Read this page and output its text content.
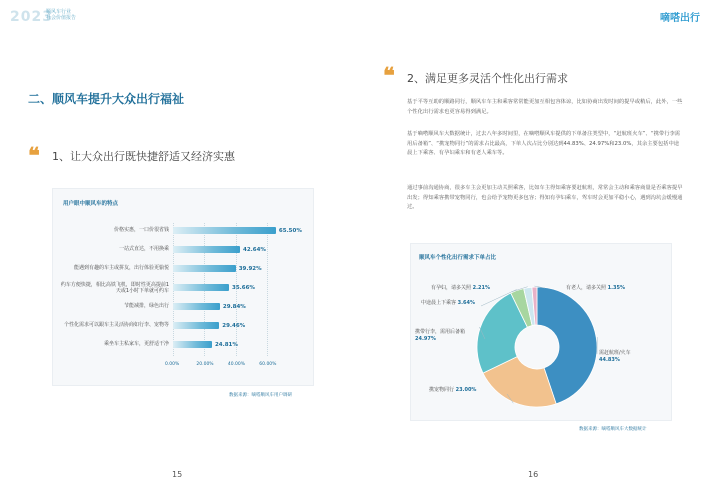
2023
顺风车行业
社会价值报告
二、顺风车提升大众出行福祉
❝ 1、让大众出行既快捷舒适又经济实惠
用户眼中顺风车的特点
0.00%	20.00%	40.00%	60.00%
价格实惠，一口价很省钱	65.50%
一站式直达，不用换乘	42.64%
能遇到有趣的车主或拼友，出行体验更愉悦	39.92%
约车方便快捷，相比高铁飞机，即时性更高提前1天或1小时下单就可约车	35.66%
节能减排，绿色出行	29.84%
个性化需求可以跟车主灵活协商如行李、宠物等	29.46%
乘坐车主私家车，更舒适干净	24.81%
数据来源：嘀嗒顺风车用户调研
15
嘀嗒出行
❝ 2、满足更多灵活个性化出行需求
基于平等互助的顺路同行，顺风车车主和乘客常常能更加互相包容体谅，比如协商出发时间的提早或稍后，此外，一些个性化出行需求也更容易得到满足。
基于嘀嗒顺风车大数据统计，过去八年多时间里，在嘀嗒顺风车提供的下单备注类型中，“赶航班火车”、“携带行李需用后备箱”、“携宠物同行”的需求占比最高，下单人次占比分别达到44.83%、24.97%和23.0%，其余主要包括中途晨上下乘客、有孕妇乘车和有老人乘车等。
通过事前沟通协商，很多车主会更加主动关照乘客，比如车主得知乘客要赶航班，常常会主动和乘客商量是否乘客提早出发；得知乘客携带宠物同行，也会给予宠物更多包容；得知有孕妇乘车，驾车时会更加平稳小心，遇到沟坑会缓慢通过。
顺风车个性化出行需求下单占比
需赶航班/火车
44.83%
携宠物同行 23.00%
携带行李，需用后备箱
24.97%
中途晨上下乘客 3.64%
有孕妇，请多关照 2.21%	有老人，请多关照 1.35%
数据来源：嘀嗒顺风车大数据统计
16
